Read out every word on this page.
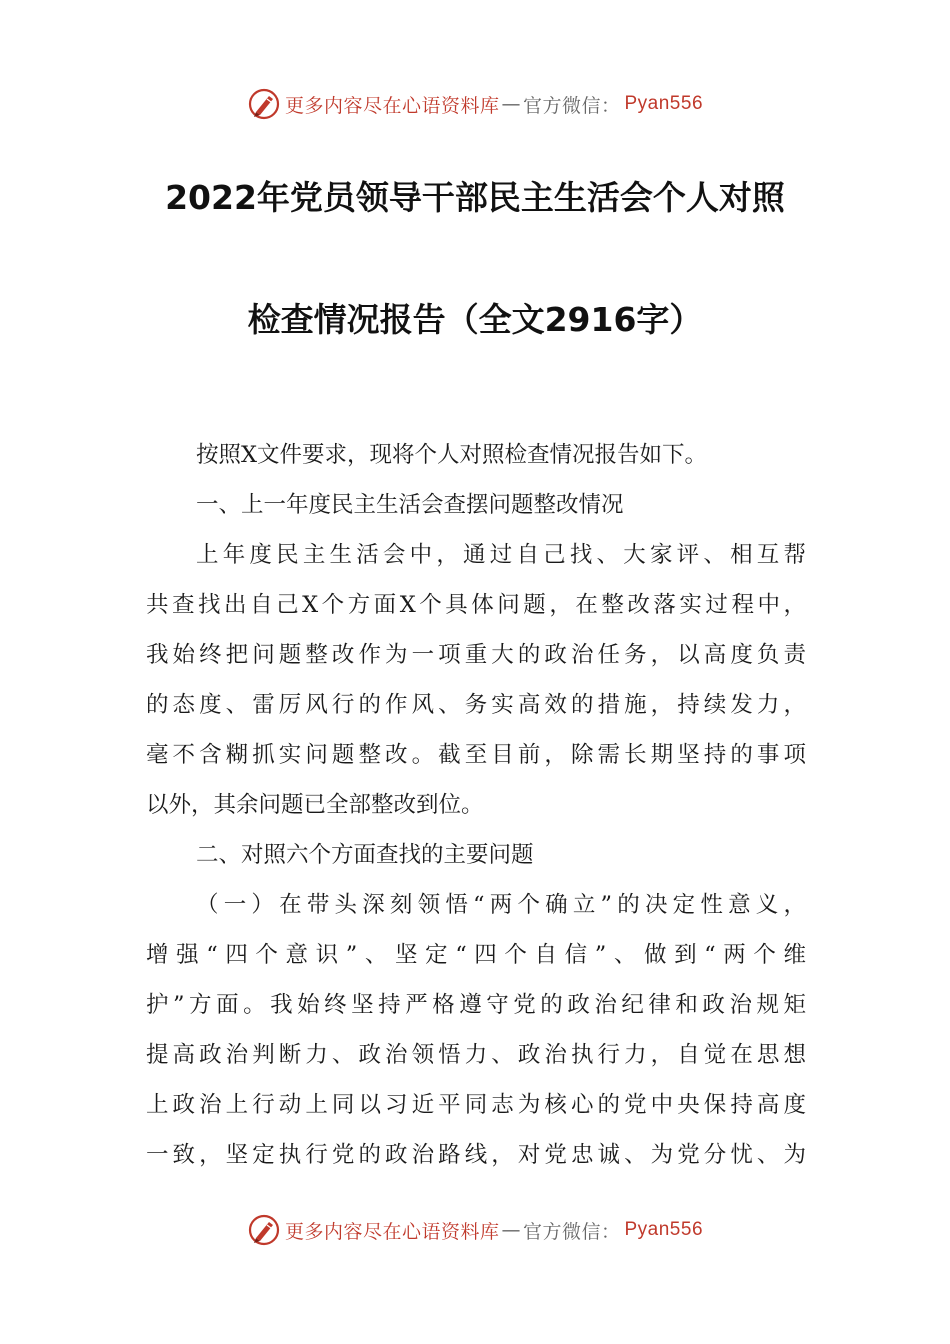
更多内容尽在心语资料库 — 官方微信： Pyan556
2022年党员领导干部民主生活会个人对照
检查情况报告（全文2916字）
按照X文件要求，现将个人对照检查情况报告如下。
一、上一年度民主生活会查摆问题整改情况
上年度民主生活会中，通过自己找、大家评、相互帮
共查找出自己X个方面X个具体问题，在整改落实过程中，
我始终把问题整改作为一项重大的政治任务，以高度负责
的态度、雷厉风行的作风、务实高效的措施，持续发力，
毫不含糊抓实问题整改。截至目前，除需长期坚持的事项
以外，其余问题已全部整改到位。
二、对照六个方面查找的主要问题
（一）在带头深刻领悟“两个确立”的决定性意义，
增强“四个意识”、坚定“四个自信”、做到“两个维
护”方面。我始终坚持严格遵守党的政治纪律和政治规矩
提高政治判断力、政治领悟力、政治执行力，自觉在思想
上政治上行动上同以习近平同志为核心的党中央保持高度
一致，坚定执行党的政治路线，对党忠诚、为党分忧、为
更多内容尽在心语资料库 — 官方微信： Pyan556
